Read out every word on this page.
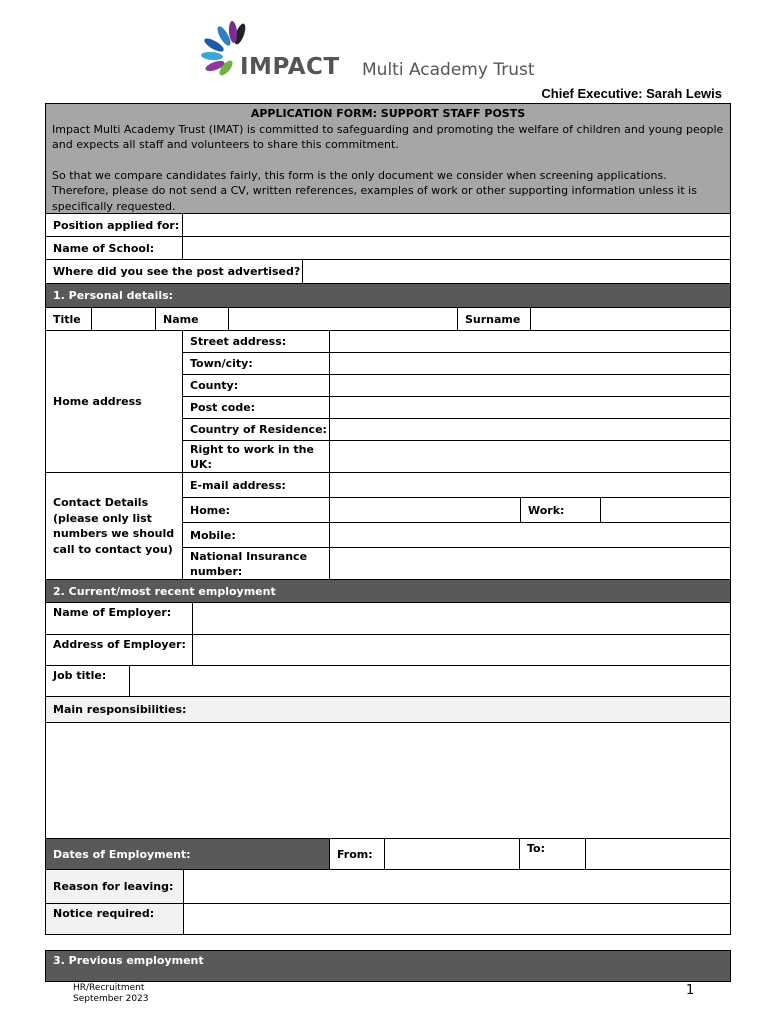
IMPACT Multi Academy Trust
Chief Executive: Sarah Lewis
APPLICATION FORM: SUPPORT STAFF POSTS
Impact Multi Academy Trust (IMAT) is committed to safeguarding and promoting the welfare of children and young people and expects all staff and volunteers to share this commitment.
So that we compare candidates fairly, this form is the only document we consider when screening applications. Therefore, please do not send a CV, written references, examples of work or other supporting information unless it is specifically requested.
Position applied for:
Name of School:
Where did you see the post advertised?
1. Personal details:
Title	Name	Surname
Home address
Street address:
Town/city:
County:
Post code:
Country of Residence:
Right to work in the UK:
Contact Details (please only list numbers we should call to contact you)
E-mail address:
Home:	Work:
Mobile:
National Insurance number:
2. Current/most recent employment
Name of Employer:
Address of Employer:
Job title:
Main responsibilities:
Dates of Employment:	From:	To:
Reason for leaving:
Notice required:
3. Previous employment
HR/Recruitment
September 2023
1
